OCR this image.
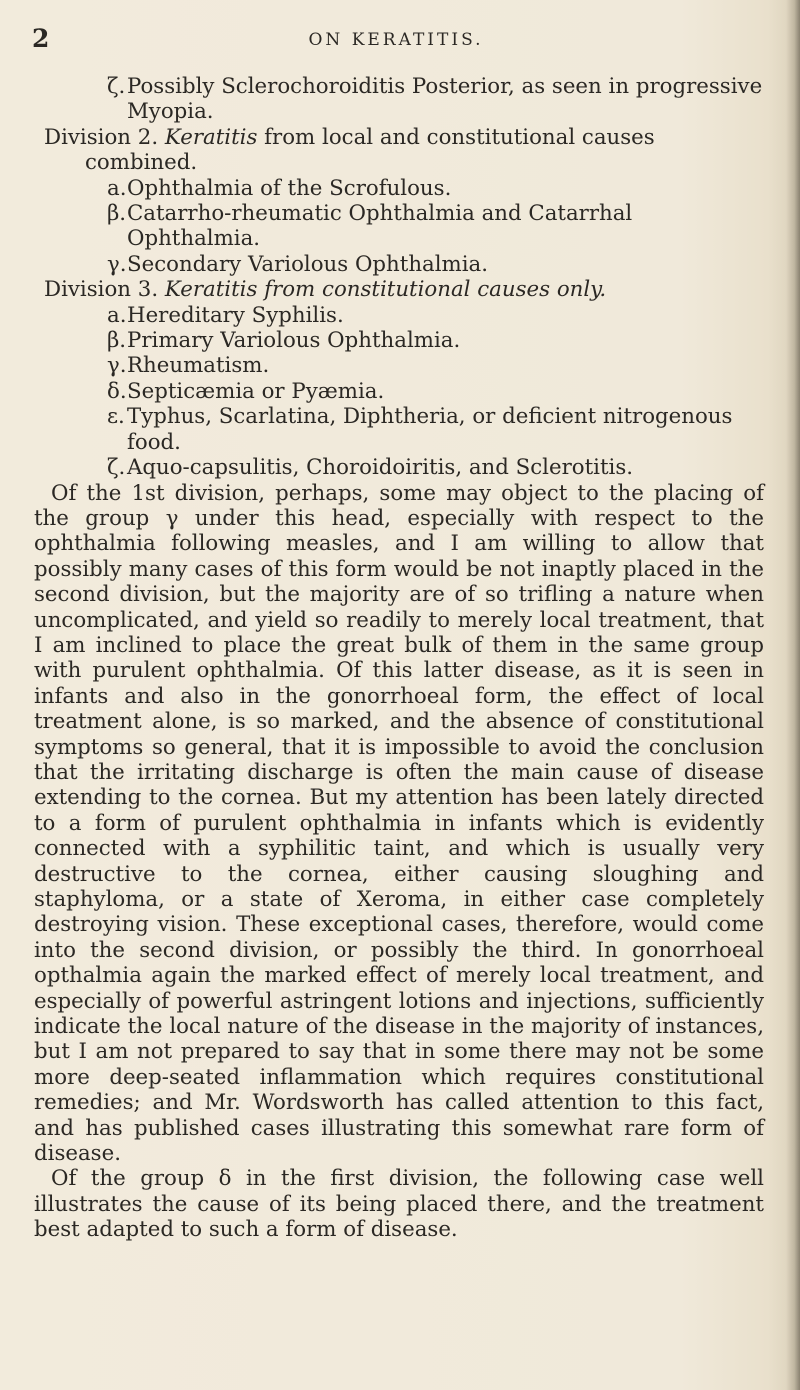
2	ON KERATITIS.

ζ.Possibly Sclerochoroiditis Posterior, as seen in progressive Myopia.

Division 2. Keratitis from local and constitutional causes combined.

a.Ophthalmia of the Scrofulous.

β.Catarrho-rheumatic Ophthalmia and Catarrhal Ophthalmia.

γ.Secondary Variolous Ophthalmia.

Division 3. Keratitis from constitutional causes only.

a.Hereditary Syphilis.

β.Primary Variolous Ophthalmia.

γ.Rheumatism.

δ.Septicæmia or Pyæmia.

ε. Typhus, Scarlatina, Diphtheria, or deficient nitrogenous food.

ζ.Aquo-capsulitis, Choroidoiritis, and Sclerotitis.

Of the 1st division, perhaps, some may object to the placing of the group γ under this head, especially with respect to the ophthalmia following measles, and I am willing to allow that possibly many cases of this form would be not inaptly placed in the second division, but the majority are of so trifling a nature when uncomplicated, and yield so readily to merely local treatment, that I am inclined to place the great bulk of them in the same group with purulent ophthalmia. Of this latter disease, as it is seen in infants and also in the gonorrhoeal form, the effect of local treatment alone, is so marked, and the absence of constitutional symptoms so general, that it is impossible to avoid the conclusion that the irritating discharge is often the main cause of disease extending to the cornea. But my attention has been lately directed to a form of purulent ophthalmia in infants which is evidently connected with a syphilitic taint, and which is usually very destructive to the cornea, either causing sloughing and staphyloma, or a state of Xeroma, in either case completely destroying vision. These exceptional cases, therefore, would come into the second division, or possibly the third. In gonorrhoeal opthalmia again the marked effect of merely local treatment, and especially of powerful astringent lotions and injections, sufficiently indicate the local nature of the disease in the majority of instances, but I am not prepared to say that in some there may not be some more deep-seated inflammation which requires constitutional remedies; and Mr. Wordsworth has called attention to this fact, and has published cases illustrating this somewhat rare form of disease.

Of the group δ in the first division, the following case well illustrates the cause of its being placed there, and the treatment best adapted to such a form of disease.
